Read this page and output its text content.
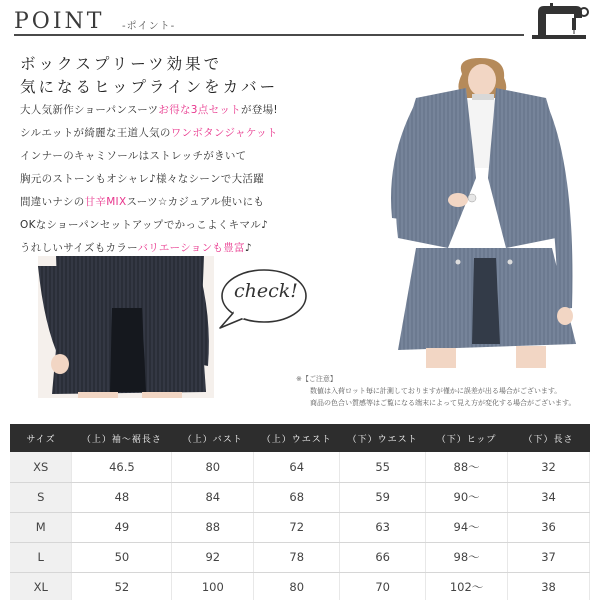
POINT -ポイント-
ボックスプリーツ効果で
気になるヒップラインをカバー
大人気新作ショーパンスーツお得な3点セットが登場!
シルエットが綺麗な王道人気のワンボタンジャケット
インナーのキャミソールはストレッチがきいて
胸元のストーンもオシャレ♪様々なシーンで大活躍
間違いナシの甘辛MIXスーツ☆カジュアル使いにも
OKなショーパンセットアップでかっこよくキマル♪
うれしいサイズもカラーバリエーションも豊富♪
check!
※【ご注意】
数値は入荷ロット毎に計測しておりますが僅かに誤差が出る場合がございます。
商品の色合い質感等はご覧になる端末によって見え方が変化する場合がございます。
サイズ	（上）袖～裾長さ	（上）バスト	（上）ウエスト	（下）ウエスト	（下）ヒップ	（下）長さ
XS	46.5	80	64	55	88～	32
S	48	84	68	59	90～	34
M	49	88	72	63	94～	36
L	50	92	78	66	98～	37
XL	52	100	80	70	102～	38
